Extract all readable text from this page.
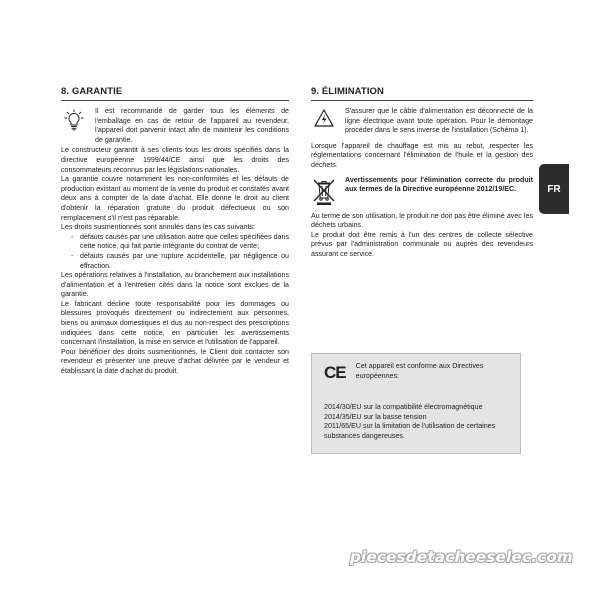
8. GARANTIE

Il est recommandé de garder tous les éléments de l'emballage en cas de retour de l'appareil au revendeur, l'appareil doit parvenir intact afin de maintenir les conditions de garantie.

Le constructeur garantit à ses clients tous les droits spécifiés dans la directive européenne 1999/44/CE ainsi que les droits des consommateurs reconnus par les législations nationales.

La garantie couvre notamment les non-conformités et les défauts de production existant au moment de la vente du produit et constatés avant deux ans à compter de la date d'achat. Elle donne le droit au client d'obtenir la réparation gratuite du produit défectueux ou son remplacement s'il n'est pas réparable.

Les droits susmentionnés sont annulés dans les cas suivants:

- défauts causés par une utilisation autre que celles spécifiées dans cette notice, qui fait partie intégrante du contrat de vente;
- défauts causés par une rupture accidentelle, par négligence ou effraction.

Les opérations relatives à l'installation, au branchement aux installations d'alimentation et à l'entretien cités dans la notice sont exclues de la garantie.

Le fabricant décline toute responsabilité pour les dommages ou blessures provoqués directement ou indirectement aux personnes, biens ou animaux domestiques et dus au non-respect des prescriptions indiquées dans cette notice, en particulier les avertissements concernant l'installation, la mise en service et l'utilisation de l'appareil.

Pour bénéficier des droits susmentionnés, le Client doit contacter son revendeur et présenter une preuve d'achat délivrée par le vendeur et établissant la date d'achat du produit.

9. ÉLIMINATION

S'assurer que le câble d'alimentation est déconnecté de la ligne électrique avant toute opération. Pour le démontage procéder dans le sens inverse de l'installation (Schéma 1).

Lorsque l'appareil de chauffage est mis au rebut, respecter les réglementations concernant l'élimination de l'huile et la gestion des déchets.

Avertissements pour l'élimination correcte du produit aux termes de la Directive européenne 2012/19/EC.

Au terme de son utilisation, le produit ne doit pas être éliminé avec les déchets urbains.

Le produit doit être remis à l'un des centres de collecte sélective prévus par l'administration communale ou auprès des revendeurs assurant ce service.

CE Cet appareil est conforme aux Directives européennes:

2014/30/EU sur la compatibilité électromagnétique

2014/35/EU sur la basse tension

2011/65/EU sur la limitation de l'utilisation de certaines substances dangereuses.

FR
piecesdetacheeselec.com
